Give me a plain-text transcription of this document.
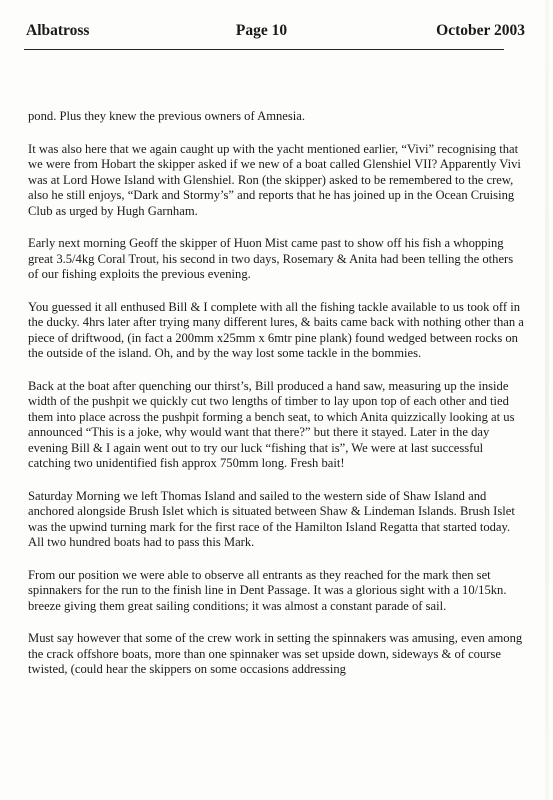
Albatross	Page 10	October 2003

pond. Plus they knew the previous owners of Amnesia.

It was also here that we again caught up with the yacht mentioned earlier, “Vivi” recognising that we were from Hobart the skipper asked if we new of a boat called Glenshiel VII? Apparently Vivi was at Lord Howe Island with Glenshiel. Ron (the skipper) asked to be remembered to the crew, also he still enjoys, “Dark and Stormy’s” and reports that he has joined up in the Ocean Cruising Club as urged by Hugh Garnham.

Early next morning Geoff the skipper of Huon Mist came past to show off his fish a whopping great 3.5/4kg Coral Trout, his second in two days, Rosemary & Anita had been telling the others of our fishing exploits the previous evening.

You guessed it all enthused Bill & I complete with all the fishing tackle available to us took off in the ducky. 4hrs later after trying many different lures, & baits came back with nothing other than a piece of driftwood, (in fact a 200mm x25mm x 6mtr pine plank) found wedged between rocks on the outside of the island. Oh, and by the way lost some tackle in the bommies.

Back at the boat after quenching our thirst’s, Bill produced a hand saw, measuring up the inside width of the pushpit we quickly cut two lengths of timber to lay upon top of each other and tied them into place across the pushpit forming a bench seat, to which Anita quizzically looking at us announced “This is a joke, why would want that there?” but there it stayed. Later in the day evening Bill & I again went out to try our luck “fishing that is”, We were at last successful catching two unidentified fish approx 750mm long. Fresh bait!

Saturday Morning we left Thomas Island and sailed to the western side of Shaw Island and anchored alongside Brush Islet which is situated between Shaw & Lindeman Islands. Brush Islet was the upwind turning mark for the first race of the Hamilton Island Regatta that started today. All two hundred boats had to pass this Mark.

From our position we were able to observe all entrants as they reached for the mark then set spinnakers for the run to the finish line in Dent Passage. It was a glorious sight with a 10/15kn. breeze giving them great sailing conditions; it was almost a constant parade of sail.

Must say however that some of the crew work in setting the spinnakers was amusing, even among the crack offshore boats, more than one spinnaker was set upside down, sideways & of course twisted, (could hear the skippers on some occasions addressing
